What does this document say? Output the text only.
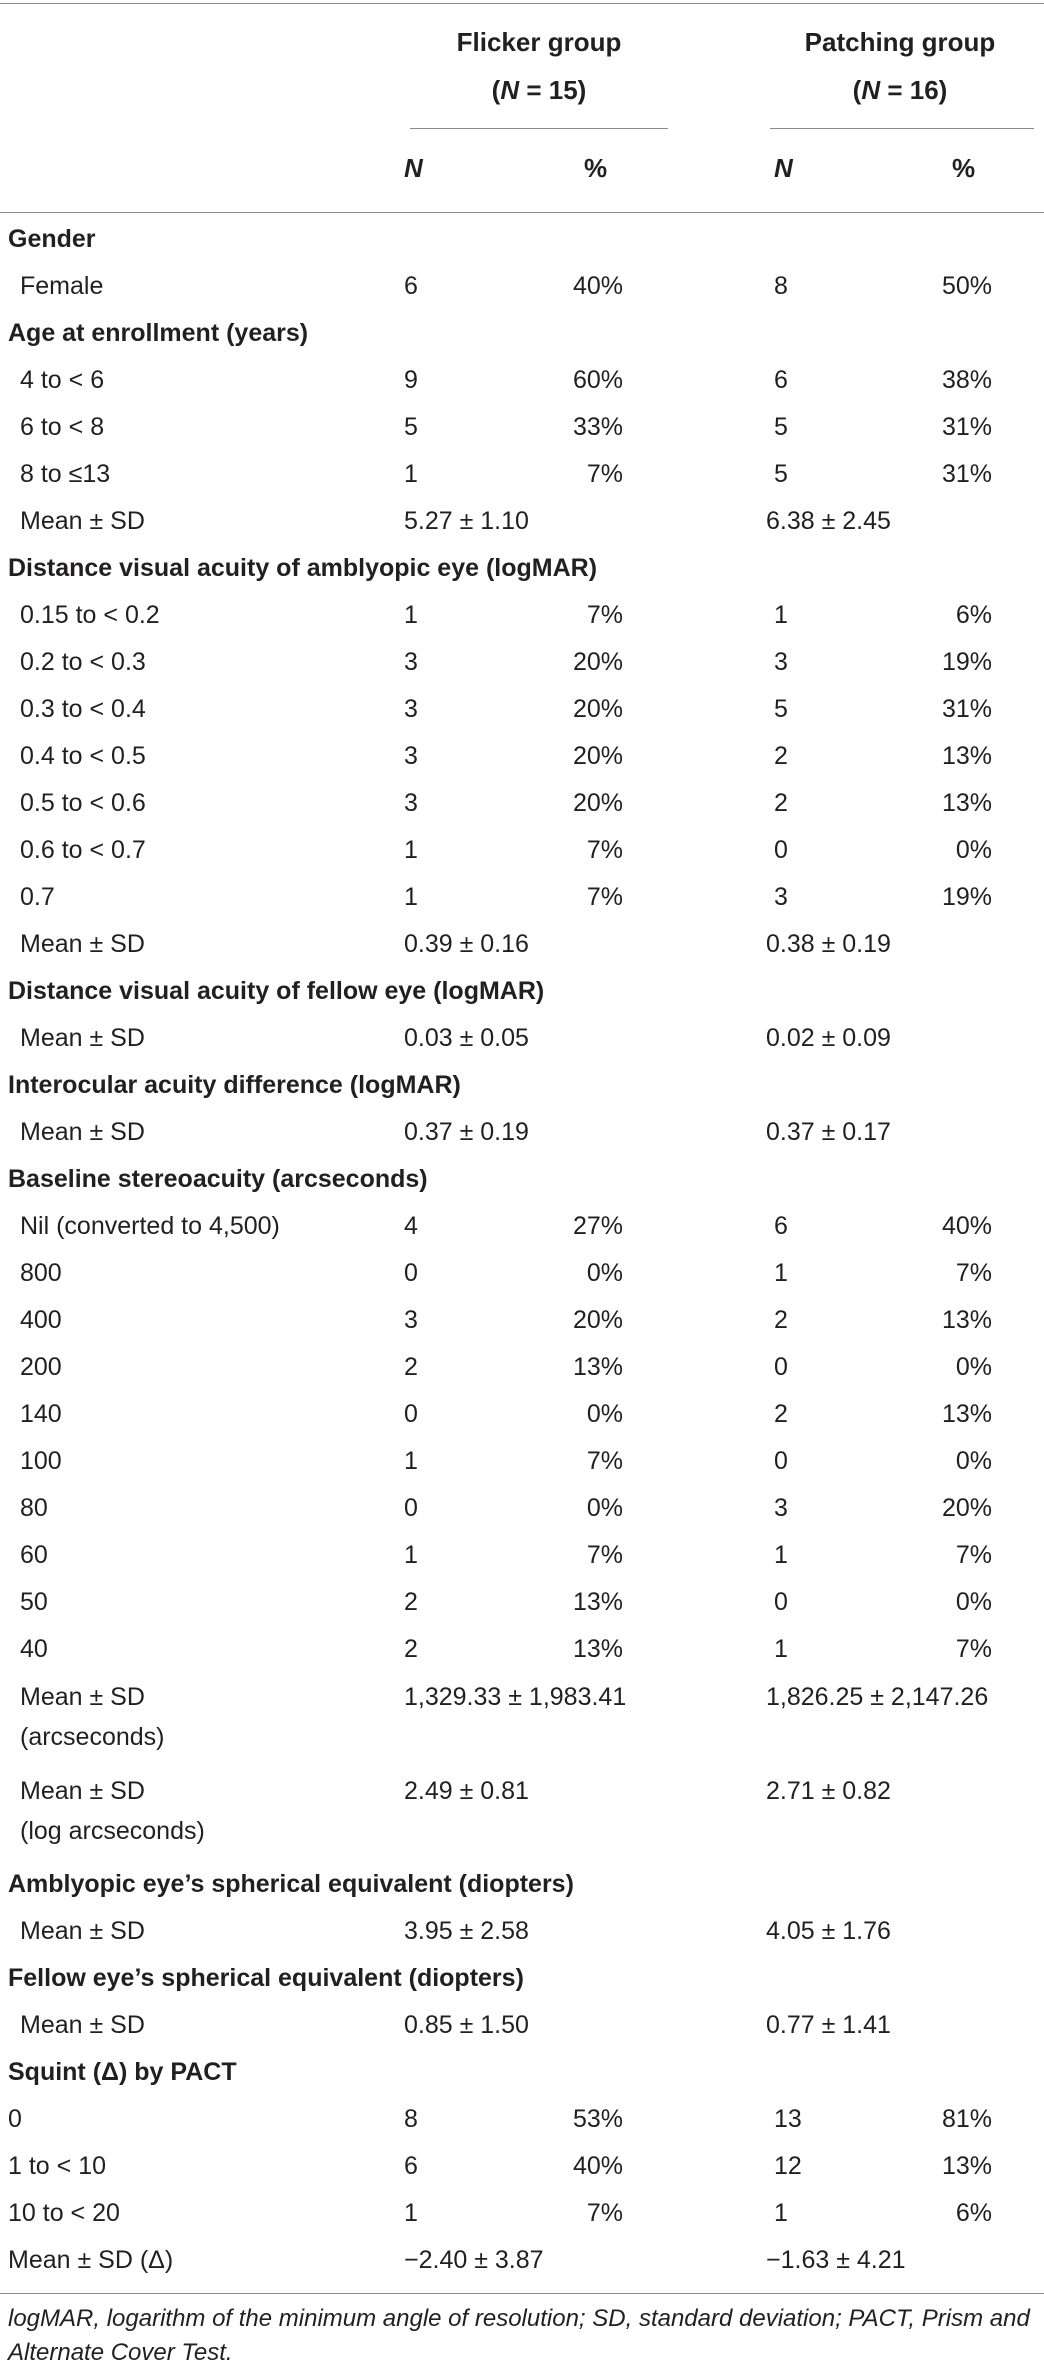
Flicker group
(N = 15)
Patching group
(N = 16)
N	%	N	%
Gender
Female	6	40%	8	50%
Age at enrollment (years)
4 to < 6	9	60%	6	38%
6 to < 8	5	33%	5	31%
8 to ≤13	1	7%	5	31%
Mean ± SD	5.27 ± 1.10	6.38 ± 2.45
Distance visual acuity of amblyopic eye (logMAR)
0.15 to < 0.2	1	7%	1	6%
0.2 to < 0.3	3	20%	3	19%
0.3 to < 0.4	3	20%	5	31%
0.4 to < 0.5	3	20%	2	13%
0.5 to < 0.6	3	20%	2	13%
0.6 to < 0.7	1	7%	0	0%
0.7	1	7%	3	19%
Mean ± SD	0.39 ± 0.16	0.38 ± 0.19
Distance visual acuity of fellow eye (logMAR)
Mean ± SD	0.03 ± 0.05	0.02 ± 0.09
Interocular acuity difference (logMAR)
Mean ± SD	0.37 ± 0.19	0.37 ± 0.17
Baseline stereoacuity (arcseconds)
Nil (converted to 4,500)	4	27%	6	40%
800	0	0%	1	7%
400	3	20%	2	13%
200	2	13%	0	0%
140	0	0%	2	13%
100	1	7%	0	0%
80	0	0%	3	20%
60	1	7%	1	7%
50	2	13%	0	0%
40	2	13%	1	7%
Mean ± SD
(arcseconds)
1,329.33 ± 1,983.41	1,826.25 ± 2,147.26
Mean ± SD
(log arcseconds)
2.49 ± 0.81	2.71 ± 0.82
Amblyopic eye’s spherical equivalent (diopters)
Mean ± SD	3.95 ± 2.58	4.05 ± 1.76
Fellow eye’s spherical equivalent (diopters)
Mean ± SD	0.85 ± 1.50	0.77 ± 1.41
Squint (Δ) by PACT
0	8	53%	13	81%
1 to < 10	6	40%	12	13%
10 to < 20	1	7%	1	6%
Mean ± SD (Δ)	−2.40 ± 3.87	−1.63 ± 4.21
logMAR, logarithm of the minimum angle of resolution; SD, standard deviation; PACT, Prism and Alternate Cover Test.
